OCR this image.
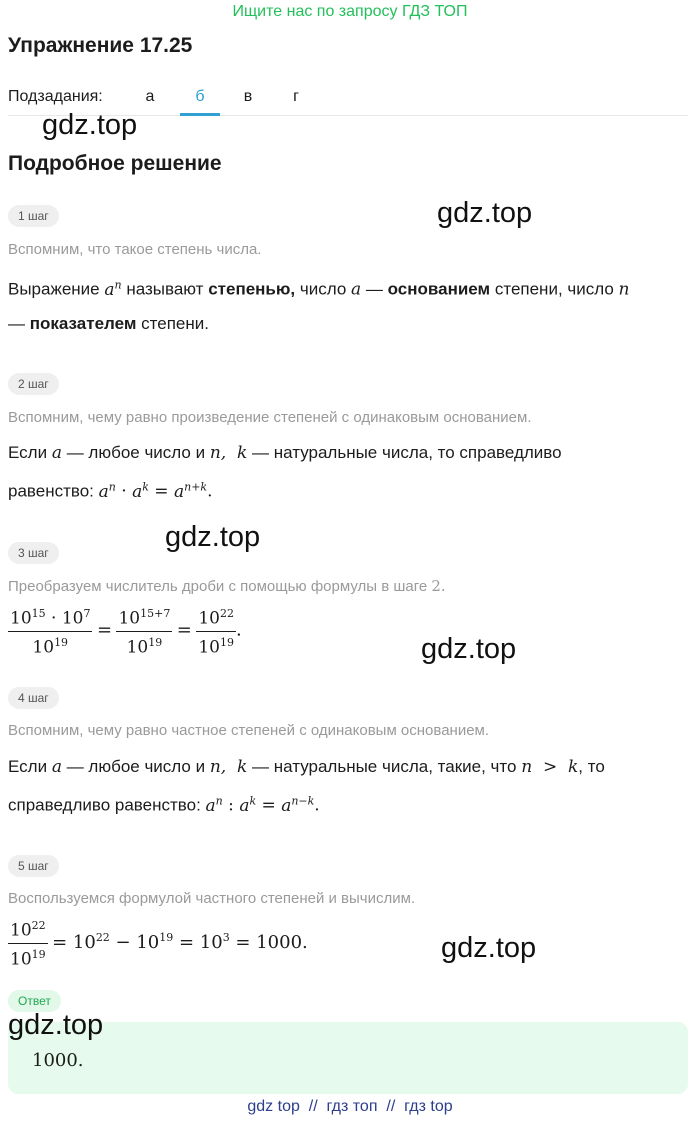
Ищите нас по запросу ГДЗ ТОП
Упражнение 17.25
Подзадания:	а	б	в	г
gdz.top
Подробное решение
gdz.top
1 шаг
Вспомним, что такое степень числа.
Выражение $a^n$ называют степенью, число a — основанием степени, число n
— показателем степени.
2 шаг
Вспомним, чему равно произведение степеней с одинаковым основанием.
Если a — любое число и n,  k — натуральные числа, то справедливо
равенство: $a^n \cdot a^k = a^{n+k}$.
gdz.top
3 шаг
Преобразуем числитель дроби с помощью формулы в шаге 2.
$\frac{10^{15} \cdot 10^7}{10^{19}} = \frac{10^{15+7}}{10^{19}} = \frac{10^{22}}{10^{19}}$ .
gdz.top
4 шаг
Вспомним, чему равно частное степеней с одинаковым основанием.
Если a — любое число и n,  k — натуральные числа, такие, что n  >  k, то
справедливо равенство: $a^n$ : $a^k = a^{n-k}$.
5 шаг
Воспользуемся формулой частного степеней и вычислим.
$\frac{10^{22}}{10^{19}} = 10^{22} - 10^{19} = 10^3 = 1000$.	gdz.top
Ответ
gdz.top
1000.
gdz top  //  гдз топ  //  гдз top
